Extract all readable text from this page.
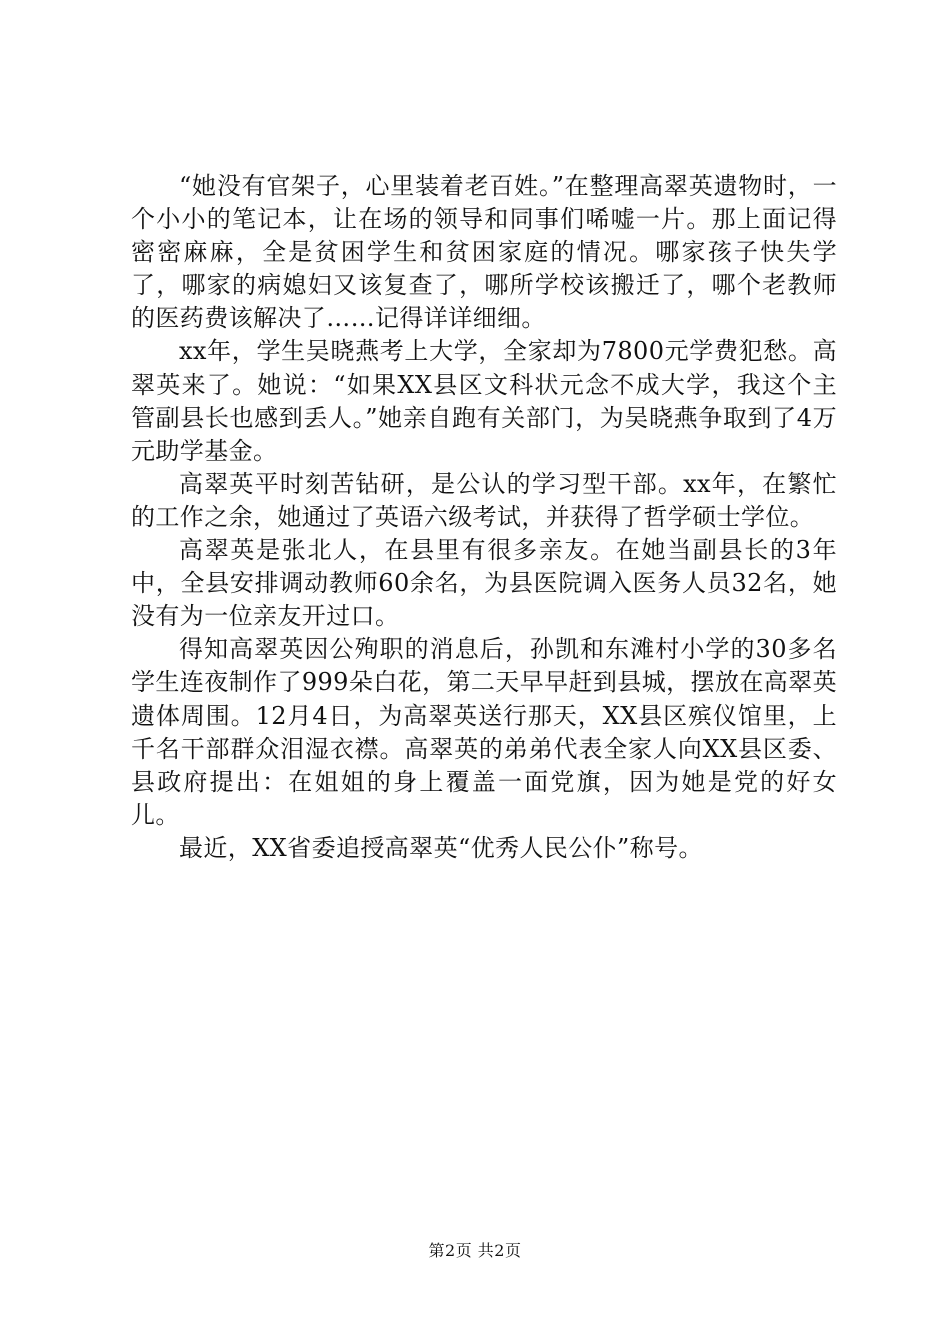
“她没有官架子，心里装着老百姓。”在整理高翠英遗物时，一个小小的笔记本，让在场的领导和同事们唏嘘一片。那上面记得密密麻麻，全是贫困学生和贫困家庭的情况。哪家孩子快失学了，哪家的病媳妇又该复查了，哪所学校该搬迁了，哪个老教师的医药费该解决了……记得详详细细。

xx年，学生吴晓燕考上大学，全家却为7800元学费犯愁。高翠英来了。她说：“如果XX县区文科状元念不成大学，我这个主管副县长也感到丢人。”她亲自跑有关部门，为吴晓燕争取到了4万元助学基金。

高翠英平时刻苦钻研，是公认的学习型干部。xx年，在繁忙的工作之余，她通过了英语六级考试，并获得了哲学硕士学位。

高翠英是张北人，在县里有很多亲友。在她当副县长的3年中，全县安排调动教师60余名，为县医院调入医务人员32名，她没有为一位亲友开过口。

得知高翠英因公殉职的消息后，孙凯和东滩村小学的30多名学生连夜制作了999朵白花，第二天早早赶到县城，摆放在高翠英遗体周围。12月4日，为高翠英送行那天，XX县区殡仪馆里，上千名干部群众泪湿衣襟。高翠英的弟弟代表全家人向XX县区委、县政府提出：在姐姐的身上覆盖一面党旗，因为她是党的好女儿。

最近，XX省委追授高翠英“优秀人民公仆”称号。

第2页 共2页
